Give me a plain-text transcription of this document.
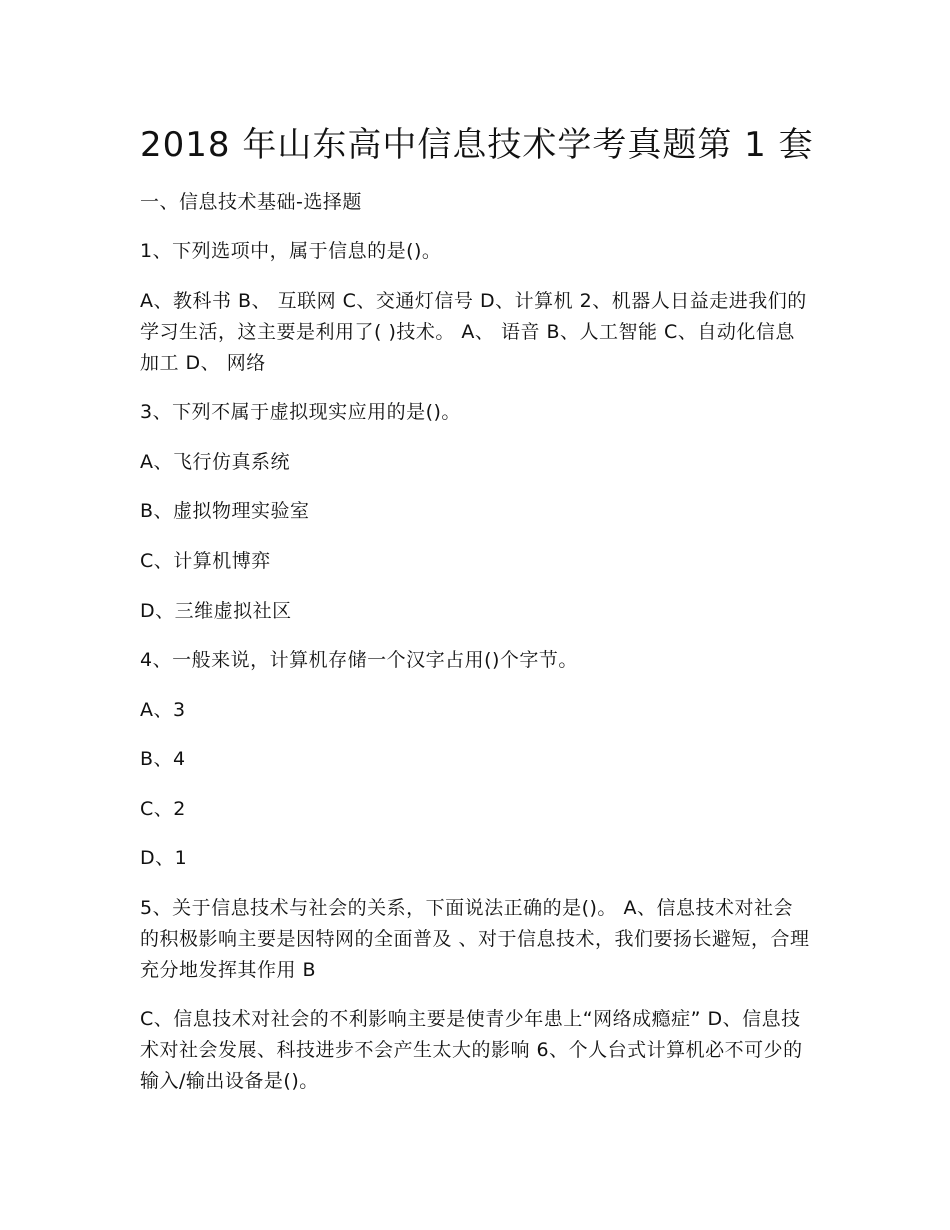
2018 年山东高中信息技术学考真题第 1 套

一、信息技术基础-选择题

1、下列选项中，属于信息的是()。

A、教科书 B、 互联网 C、交通灯信号 D、计算机 2、机器人日益走进我们的学习生活，这主要是利用了( )技术。 A、 语音 B、人工智能 C、自动化信息加工 D、 网络

3、下列不属于虚拟现实应用的是()。

A、飞行仿真系统

B、虚拟物理实验室

C、计算机博弈

D、三维虚拟社区

4、一般来说，计算机存储一个汉字占用()个字节。

A、3

B、4

C、2

D、1

5、关于信息技术与社会的关系，下面说法正确的是()。 A、信息技术对社会的积极影响主要是因特网的全面普及 、对于信息技术，我们要扬长避短，合理充分地发挥其作用 B

C、信息技术对社会的不利影响主要是使青少年患上“网络成瘾症” D、信息技术对社会发展、科技进步不会产生太大的影响 6、个人台式计算机必不可少的输入/输出设备是()。
